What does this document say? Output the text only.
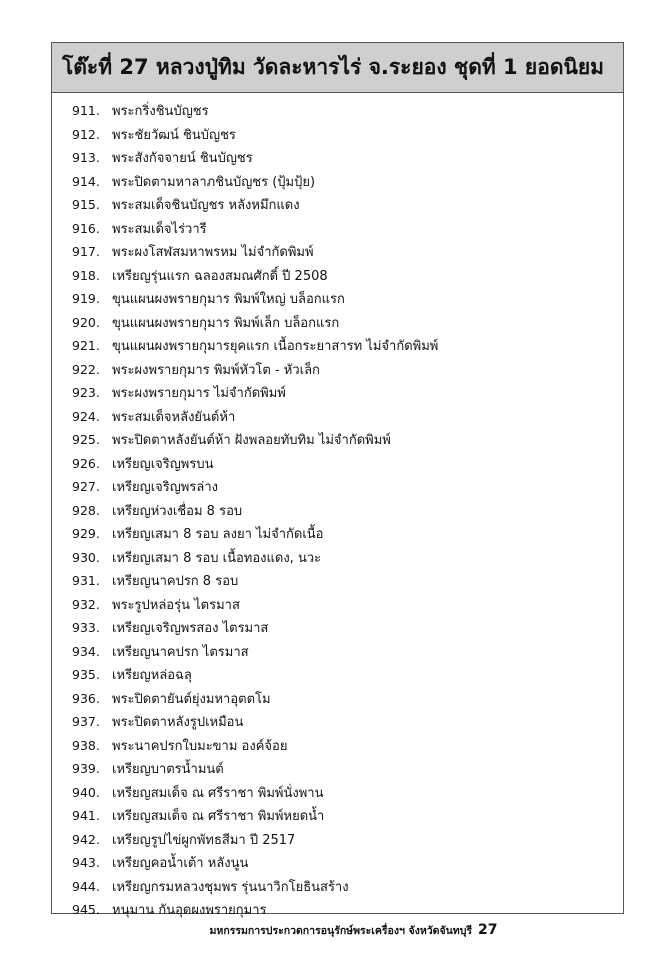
โต๊ะที่ 27 หลวงปู่ทิม วัดละหารไร่ จ.ระยอง ชุดที่ 1 ยอดนิยม
911. พระกริ่งชินบัญชร
912. พระชัยวัฒน์ ชินบัญชร
913. พระสังกัจจายน์ ชินบัญชร
914. พระปิดตามหาลาภชินบัญชร (ปุ้มปุ้ย)
915. พระสมเด็จชินบัญชร หลังหมึกแดง
916. พระสมเด็จไร่วารี
917. พระผงโสฬสมหาพรหม ไม่จำกัดพิมพ์
918. เหรียญรุ่นแรก ฉลองสมณศักดิ์ ปี 2508
919. ขุนแผนผงพรายกุมาร พิมพ์ใหญ่ บล็อกแรก
920. ขุนแผนผงพรายกุมาร พิมพ์เล็ก บล็อกแรก
921. ขุนแผนผงพรายกุมารยุคแรก เนื้อกระยาสารท ไม่จำกัดพิมพ์
922. พระผงพรายกุมาร พิมพ์หัวโต - หัวเล็ก
923. พระผงพรายกุมาร ไม่จำกัดพิมพ์
924. พระสมเด็จหลังยันต์ห้า
925. พระปิดตาหลังยันต์ห้า ฝังพลอยทับทิม ไม่จำกัดพิมพ์
926. เหรียญเจริญพรบน
927. เหรียญเจริญพรล่าง
928. เหรียญห่วงเชื่อม 8 รอบ
929. เหรียญเสมา 8 รอบ ลงยา ไม่จำกัดเนื้อ
930. เหรียญเสมา 8 รอบ เนื้อทองแดง, นวะ
931. เหรียญนาคปรก 8 รอบ
932. พระรูปหล่อรุ่น ไตรมาส
933. เหรียญเจริญพรสอง ไตรมาส
934. เหรียญนาคปรก ไตรมาส
935. เหรียญหล่อฉลุ
936. พระปิดตายันต์ยุ่งมหาอุตตโม
937. พระปิดตาหลังรูปเหมือน
938. พระนาคปรกใบมะขาม องค์จ้อย
939. เหรียญบาตรน้ำมนต์
940. เหรียญสมเด็จ ณ ศรีราชา พิมพ์นั่งพาน
941. เหรียญสมเด็จ ณ ศรีราชา พิมพ์หยดน้ำ
942. เหรียญรูปไข่ผูกพัทธสีมา ปี 2517
943. เหรียญคอน้ำเต้า หลังนูน
944. เหรียญกรมหลวงชุมพร รุ่นนาวิกโยธินสร้าง
945. หนุมาน กันอุดผงพรายกุมาร
มหกรรมการประกวดการอนุรักษ์พระเครื่องฯ จังหวัดจันทบุรี 27
